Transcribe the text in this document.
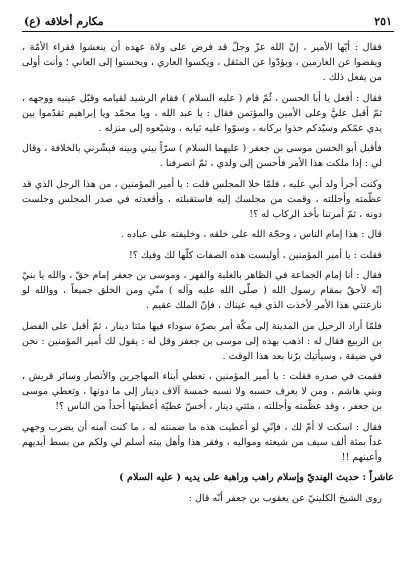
٢٥١
مكارم أخلاقه (ع)

فقال : أيّها الأمير ، إنّ الله عزّ وجلّ قد فرض على ولاة عهده أن ينعشوا فقراء الأمّة ، ويقضوا عن الغارمين ، ويؤدّوا عن المثقل ، ويكسوا العاري ، ويحسنوا إلى العاني ؛ وأنت أولى من يفعل ذلك .

فقال : أفعل يا أبا الحسن ، ثُمّ قام ( عليه السلام ) فقام الرشيد لقيامه وقبّل عينيه ووجهه ، ثمّ أقبل عليَّ وعلى الأمين والمؤتمن فقال : يا عبد الله ، ويا محمّد ويا إبراهيم تقدّموا بين يدي عمّكم وسيّدكم خذوا بركابه ، وسوّوا عليه ثيابه ، وشيّعوه إلى منزله .

فأقبل أبو الحسن موسى بن جعفر ( عليهما السلام ) سرّاً بيني وبينه فبشّرني بالخلافة ، وقال لي : إذا ملكت هذا الأمر فأحسن إلى ولدي ، ثمّ انصرفنا .

وكنت أجرأ ولد أبي عليه ، فلمّا خلا المجلس قلت : يا أمير المؤمنين ، من هذا الرجل الذي قد عظّمته وأجللته ، وقمت من مجلسك إليه فاستقبلته ، وأقعدته في صدر المجلس وجلست دونه ، ثمّ أمرتنا بأخذ الركاب له ؟!

قال : هذا إمام الناس ، وحجّة الله على خلقه ، وخليفته على عباده .

فقلت : يا أمير المؤمنين ، أوليست هذه الصفات كلّها لك وفيك ؟!

فقال : أنا إمام الجماعة في الظاهر بالغلبة والقهر ، وموسى بن جعفر إمام حقّ ، والله يا بنيّ إنّه لأحقّ بمقام رسول الله ( صلّى الله عليه وآله ) منّي ومن الخلق جميعاً ، ووالله لو نازعتني هذا الأمر لأخذت الذي فيه عيناك ، فإنّ الملك عقيم .

فلمّا أراد الرحيل من المدينة إلى مكّة أمر بصرّة سوداء فيها مئتا دينار ، ثمّ أقبل على الفضل بن الربيع فقال له : اذهب بهذه إلى موسى بن جعفر وقل له : يقول لك أمير المؤمنين : نحن في ضيقة ، وسيأتيك برّنا بعد هذا الوقت .

فقمت في صدره فقلت : يا أمير المؤمنين ، تعطي أبناء المهاجرين والأنصار وسائر قريش ، وبني هاشم ، ومن لا يعرف حسبه ولا نسبه خمسة آلاف دينار إلى ما دونها ، وتعطي موسى بن جعفر ، وقد عظّمته وأجللته ، مئتي دينار ، أخسّ عطيّة أعطيتها أحداً من الناس ؟!

فقال : اسكت لا أمّ لك ، فإنّي لو أعطيت هذه ما ضمنته له ، ما كنت آمنه أن يضرب وجهي غداً بمئة ألف سيف من شيعته ومواليه ، وفقر هذا وأهل بيته أسلم لي ولكم من بسط أيديهم وأعينهم !!

عاشراً : حديث الهنديّ وإسلام راهب وراهبة على يديه ( عليه السلام )

روى الشيخ الكلينيّ عن يعقوب بن جعفر أنّه قال :
